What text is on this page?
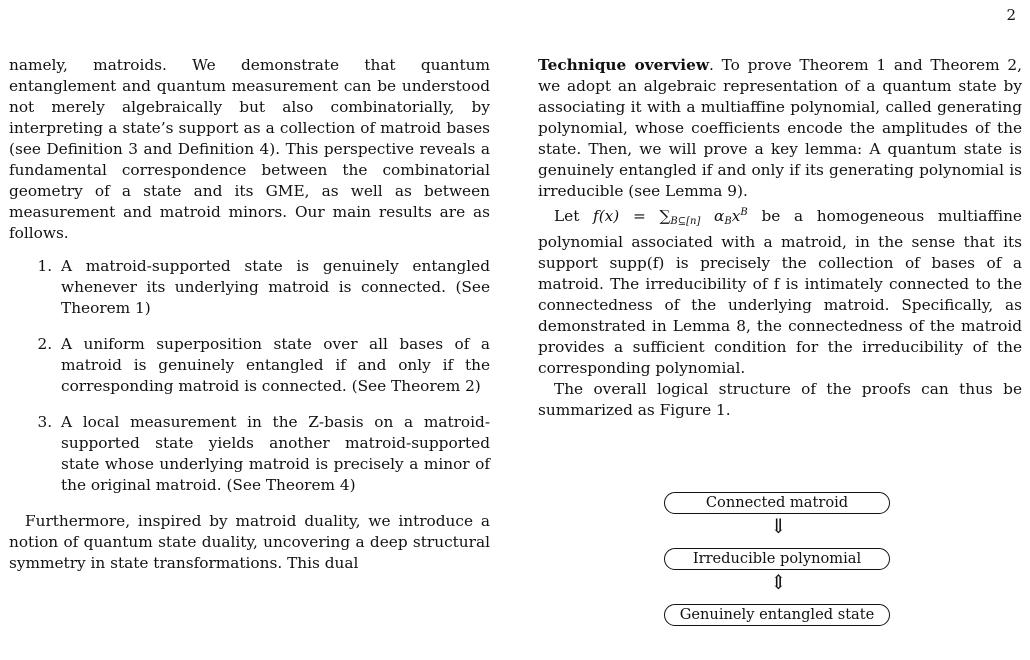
2

namely, matroids. We demonstrate that quantum entanglement and quantum measurement can be understood not merely algebraically but also combinatorially, by interpreting a state’s support as a collection of matroid bases (see Definition 3 and Definition 4). This perspective reveals a fundamental correspondence between the combinatorial geometry of a state and its GME, as well as between measurement and matroid minors. Our main results are as follows.

1. A matroid-supported state is genuinely entangled whenever its underlying matroid is connected. (See Theorem 1)
2. A uniform superposition state over all bases of a matroid is genuinely entangled if and only if the corresponding matroid is connected. (See Theorem 2)
3. A local measurement in the Z-basis on a matroid-supported state yields another matroid-supported state whose underlying matroid is precisely a minor of the original matroid. (See Theorem 4)

Furthermore, inspired by matroid duality, we introduce a notion of quantum state duality, uncovering a deep structural symmetry in state transformations. This dual

Technique overview. To prove Theorem 1 and Theorem 2, we adopt an algebraic representation of a quantum state by associating it with a multiaffine polynomial, called generating polynomial, whose coefficients encode the amplitudes of the state. Then, we will prove a key lemma: A quantum state is genuinely entangled if and only if its generating polynomial is irreducible (see Lemma 9).

Let $f(x) = \sum_{B⊆[n]}$ $\alpha_Bx^B$ be a homogeneous multiaffine polynomial associated with a matroid, in the sense that its support supp(f) is precisely the collection of bases of a matroid. The irreducibility of f is intimately connected to the connectedness of the underlying matroid. Specifically, as demonstrated in Lemma 8, the connectedness of the matroid provides a sufficient condition for the irreducibility of the corresponding polynomial.

The overall logical structure of the proofs can thus be summarized as Figure 1.

Connected matroid
⇓
Irreducible polynomial
⇕
Genuinely entangled state
